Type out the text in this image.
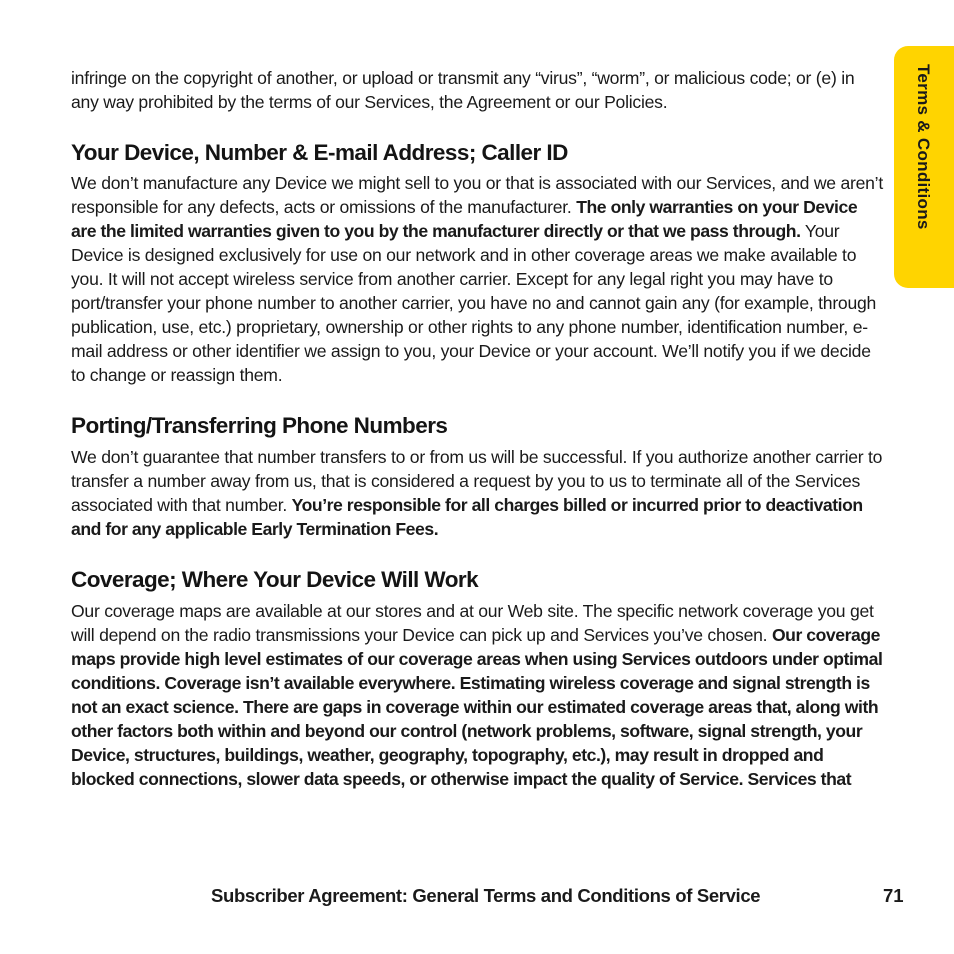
Terms & Conditions

infringe on the copyright of another, or upload or transmit any “virus”, “worm”, or malicious code; or (e) in any way prohibited by the terms of our Services, the Agreement or our Policies.

Your Device, Number & E-mail Address; Caller ID

We don’t manufacture any Device we might sell to you or that is associated with our Services, and we aren’t responsible for any defects, acts or omissions of the manufacturer. The only warranties on your Device are the limited warranties given to you by the manufacturer directly or that we pass through. Your Device is designed exclusively for use on our network and in other coverage areas we make available to you. It will not accept wireless service from another carrier. Except for any legal right you may have to port/transfer your phone number to another carrier, you have no and cannot gain any (for example, through publication, use, etc.) proprietary, ownership or other rights to any phone number, identification number, e-mail address or other identifier we assign to you, your Device or your account. We’ll notify you if we decide to change or reassign them.

Porting/Transferring Phone Numbers

We don’t guarantee that number transfers to or from us will be successful. If you authorize another carrier to transfer a number away from us, that is considered a request by you to us to terminate all of the Services associated with that number. You’re responsible for all charges billed or incurred prior to deactivation and for any applicable Early Termination Fees.

Coverage; Where Your Device Will Work

Our coverage maps are available at our stores and at our Web site. The specific network coverage you get will depend on the radio transmissions your Device can pick up and Services you’ve chosen. Our coverage maps provide high level estimates of our coverage areas when using Services outdoors under optimal conditions. Coverage isn’t available everywhere. Estimating wireless coverage and signal strength is not an exact science. There are gaps in coverage within our estimated coverage areas that, along with other factors both within and beyond our control (network problems, software, signal strength, your Device, structures, buildings, weather, geography, topography, etc.), may result in dropped and blocked connections, slower data speeds, or otherwise impact the quality of Service. Services that

Subscriber Agreement: General Terms and Conditions of Service	71
